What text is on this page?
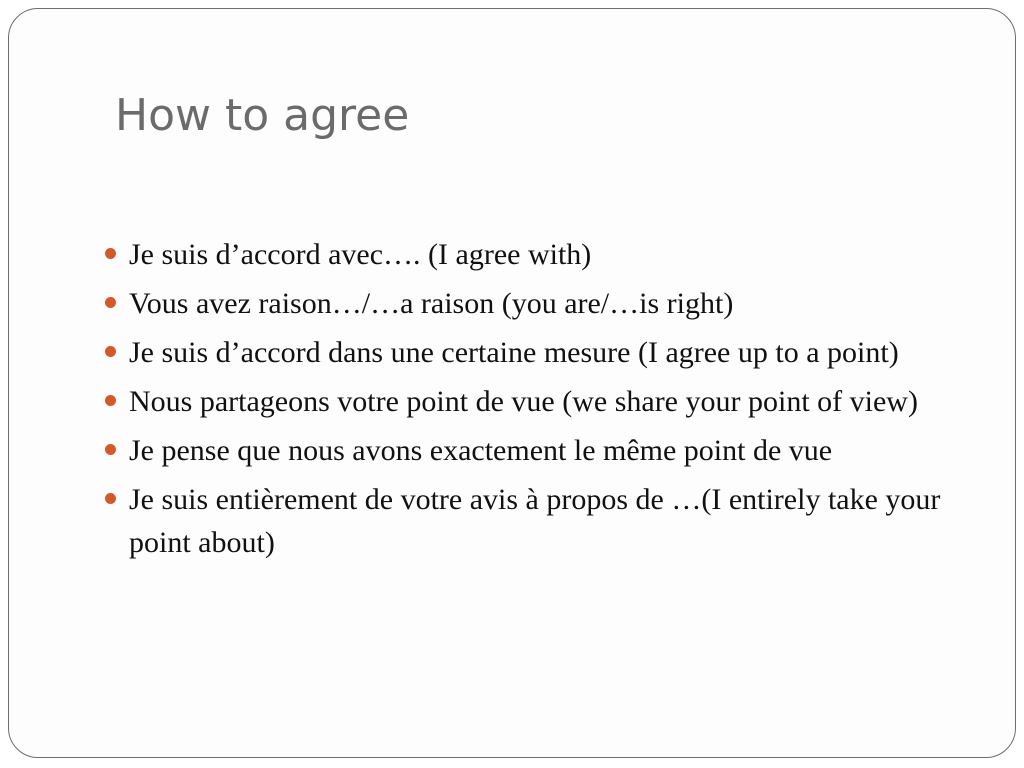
How to agree
Je suis d’accord avec…. (I agree with)
Vous avez raison…/…a raison (you are/…is right)
Je suis d’accord dans une certaine mesure (I agree up to a point)
Nous partageons votre point de vue (we share your point of view)
Je pense que nous avons exactement le même point de vue
Je suis entièrement de votre avis à propos de …(I entirely take your point about)
